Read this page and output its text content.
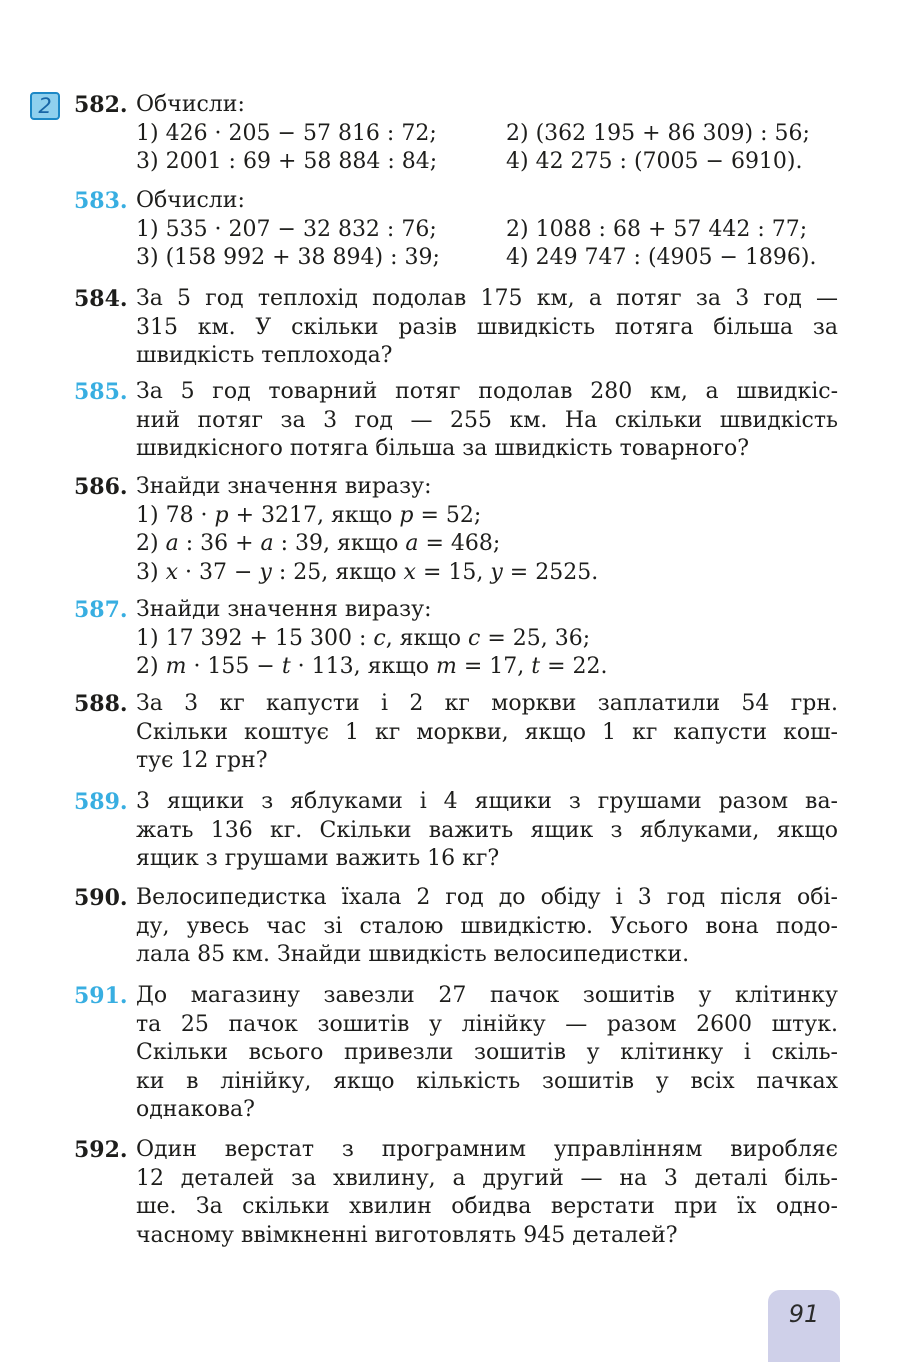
2	582. Обчисли:
1) 426 · 205 − 57 816 : 72;	2) (362 195 + 86 309) : 56;
3) 2001 : 69 + 58 884 : 84;	4) 42 275 : (7005 − 6910).
583. Обчисли:
1) 535 · 207 − 32 832 : 76;	2) 1088 : 68 + 57 442 : 77;
3) (158 992 + 38 894) : 39;	4) 249 747 : (4905 − 1896).
584. За 5 год теплохід подолав 175 км, а потяг за 3 год —
315 км. У скільки разів швидкість потяга більша за
швидкість теплохода?
585. За 5 год товарний потяг подолав 280 км, а швидкіс-
ний потяг за 3 год — 255 км. На скільки швидкість
швидкісного потяга більша за швидкість товарного?
586. Знайди значення виразу:
1) 78 · p + 3217, якщо p = 52;
2) a : 36 + a : 39, якщо a = 468;
3) x · 37 − y : 25, якщо x = 15, y = 2525.
587. Знайди значення виразу:
1) 17 392 + 15 300 : c, якщо c = 25, 36;
2) m · 155 − t · 113, якщо m = 17, t = 22.
588. За 3 кг капусти і 2 кг моркви заплатили 54 грн.
Скільки коштує 1 кг моркви, якщо 1 кг капусти кош-
тує 12 грн?
589. 3 ящики з яблуками і 4 ящики з грушами разом ва-
жать 136 кг. Скільки важить ящик з яблуками, якщо
ящик з грушами важить 16 кг?
590. Велосипедистка їхала 2 год до обіду і 3 год після обі-
ду, увесь час зі сталою швидкістю. Усього вона подо-
лала 85 км. Знайди швидкість велосипедистки.
591. До магазину завезли 27 пачок зошитів у клітинку
та 25 пачок зошитів у лінійку — разом 2600 штук.
Скільки всього привезли зошитів у клітинку і скіль-
ки в лінійку, якщо кількість зошитів у всіх пачках
однакова?
592. Один верстат з програмним управлінням виробляє
12 деталей за хвилину, а другий — на 3 деталі біль-
ше. За скільки хвилин обидва верстати при їх одно-
часному ввімкненні виготовлять 945 деталей?
91
